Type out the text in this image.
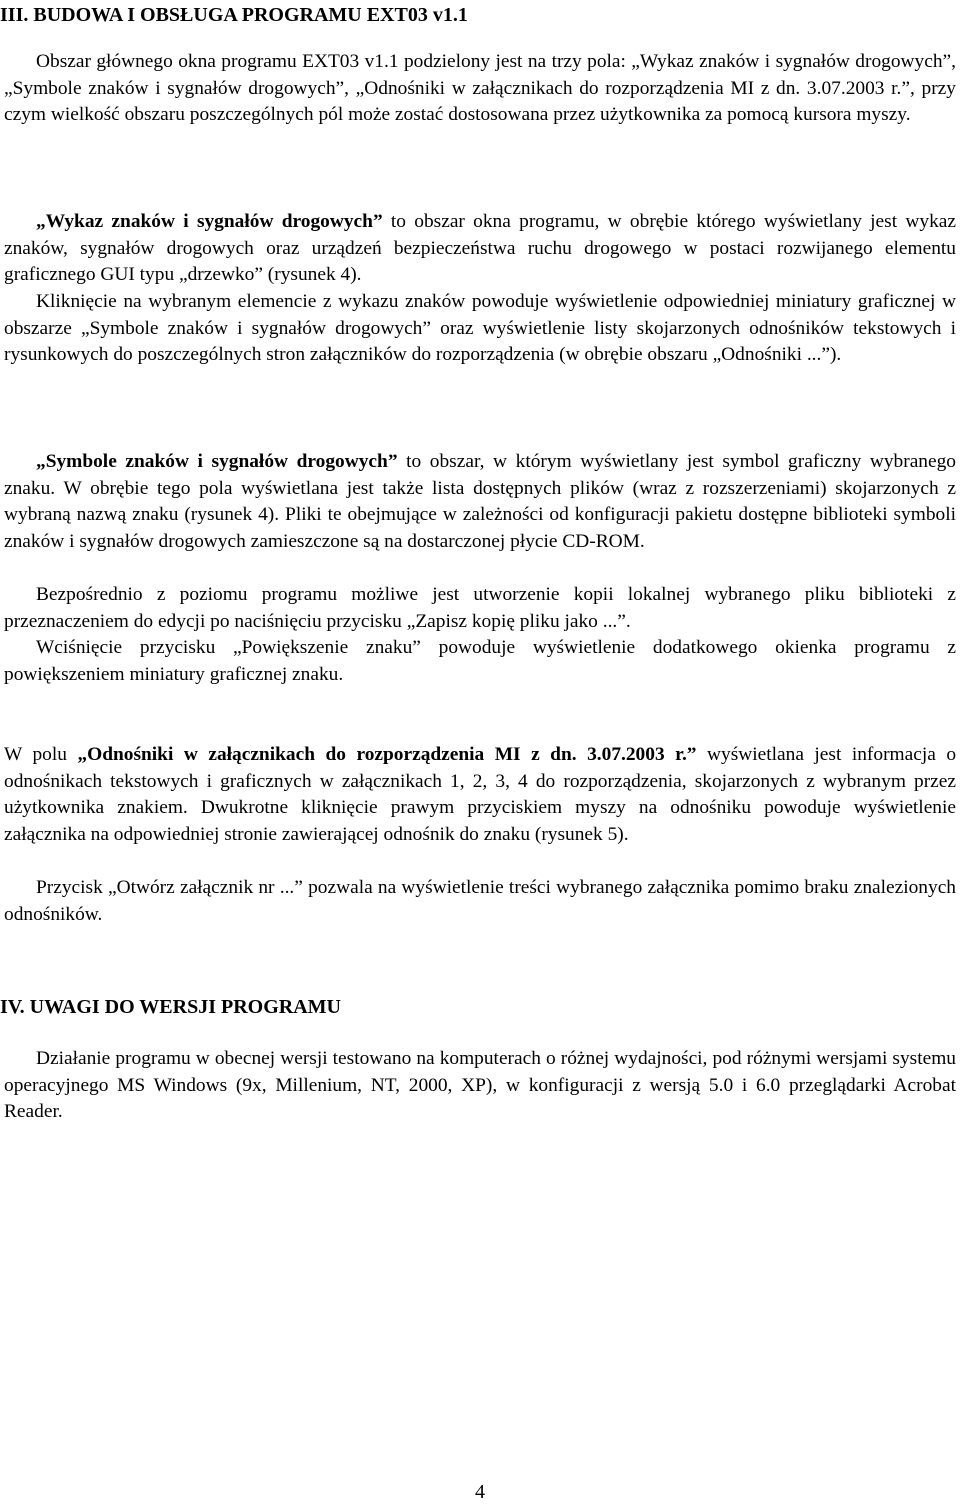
III. BUDOWA I OBSŁUGA PROGRAMU EXT03 v1.1

Obszar głównego okna programu EXT03 v1.1 podzielony jest na trzy pola: „Wykaz znaków i sygnałów drogowych”, „Symbole znaków i sygnałów drogowych”, „Odnośniki w załącznikach do rozporządzenia MI z dn. 3.07.2003 r.”, przy czym wielkość obszaru poszczególnych pól może zostać dostosowana przez użytkownika za pomocą kursora myszy.

„Wykaz znaków i sygnałów drogowych” to obszar okna programu, w obrębie którego wyświetlany jest wykaz znaków, sygnałów drogowych oraz urządzeń bezpieczeństwa ruchu drogowego w postaci rozwijanego elementu graficznego GUI typu „drzewko” (rysunek 4).

Kliknięcie na wybranym elemencie z wykazu znaków powoduje wyświetlenie odpowiedniej miniatury graficznej w obszarze „Symbole znaków i sygnałów drogowych” oraz wyświetlenie listy skojarzonych odnośników tekstowych i rysunkowych do poszczególnych stron załączników do rozporządzenia (w obrębie obszaru „Odnośniki ...”).

„Symbole znaków i sygnałów drogowych” to obszar, w którym wyświetlany jest symbol graficzny wybranego znaku. W obrębie tego pola wyświetlana jest także lista dostępnych plików (wraz z rozszerzeniami) skojarzonych z wybraną nazwą znaku (rysunek 4). Pliki te obejmujące w zależności od konfiguracji pakietu dostępne biblioteki symboli znaków i sygnałów drogowych zamieszczone są na dostarczonej płycie CD-ROM.

Bezpośrednio z poziomu programu możliwe jest utworzenie kopii lokalnej wybranego pliku biblioteki z przeznaczeniem do edycji po naciśnięciu przycisku „Zapisz kopię pliku jako ...”.

Wciśnięcie przycisku „Powiększenie znaku” powoduje wyświetlenie dodatkowego okienka programu z powiększeniem miniatury graficznej znaku.

W polu „Odnośniki w załącznikach do rozporządzenia MI z dn. 3.07.2003 r.” wyświetlana jest informacja o odnośnikach tekstowych i graficznych w załącznikach 1, 2, 3, 4 do rozporządzenia, skojarzonych z wybranym przez użytkownika znakiem. Dwukrotne kliknięcie prawym przyciskiem myszy na odnośniku powoduje wyświetlenie załącznika na odpowiedniej stronie zawierającej odnośnik do znaku (rysunek 5).

Przycisk „Otwórz załącznik nr ...” pozwala na wyświetlenie treści wybranego załącznika pomimo braku znalezionych odnośników.

IV. UWAGI DO WERSJI PROGRAMU

Działanie programu w obecnej wersji testowano na komputerach o różnej wydajności, pod różnymi wersjami systemu operacyjnego MS Windows (9x, Millenium, NT, 2000, XP), w konfiguracji z wersją 5.0 i 6.0 przeglądarki Acrobat Reader.

4
